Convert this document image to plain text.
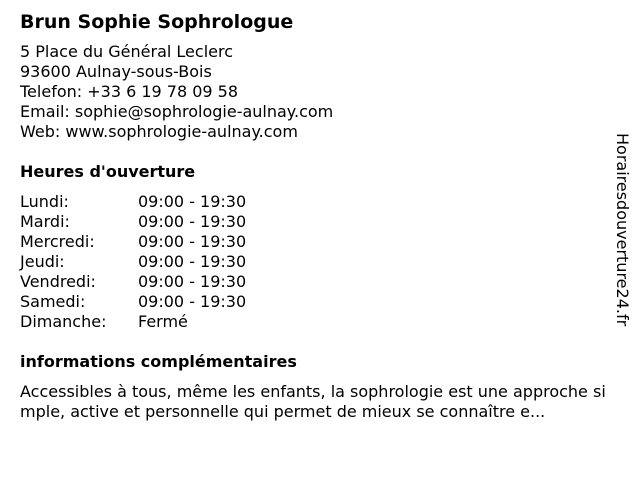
Brun Sophie Sophrologue
5 Place du Général Leclerc
93600 Aulnay-sous-Bois
Telefon: +33 6 19 78 09 58
Email: sophie@sophrologie-aulnay.com
Web: www.sophrologie-aulnay.com
Heures d'ouverture
Lundi:	09:00 - 19:30
Mardi:	09:00 - 19:30
Mercredi:	09:00 - 19:30
Jeudi:	09:00 - 19:30
Vendredi:	09:00 - 19:30
Samedi:	09:00 - 19:30
Dimanche:	Fermé
informations complémentaires
Accessibles à tous, même les enfants, la sophrologie est une approche simple, active et personnelle qui permet de mieux se connaître e...
Horairesdouverture24.fr
